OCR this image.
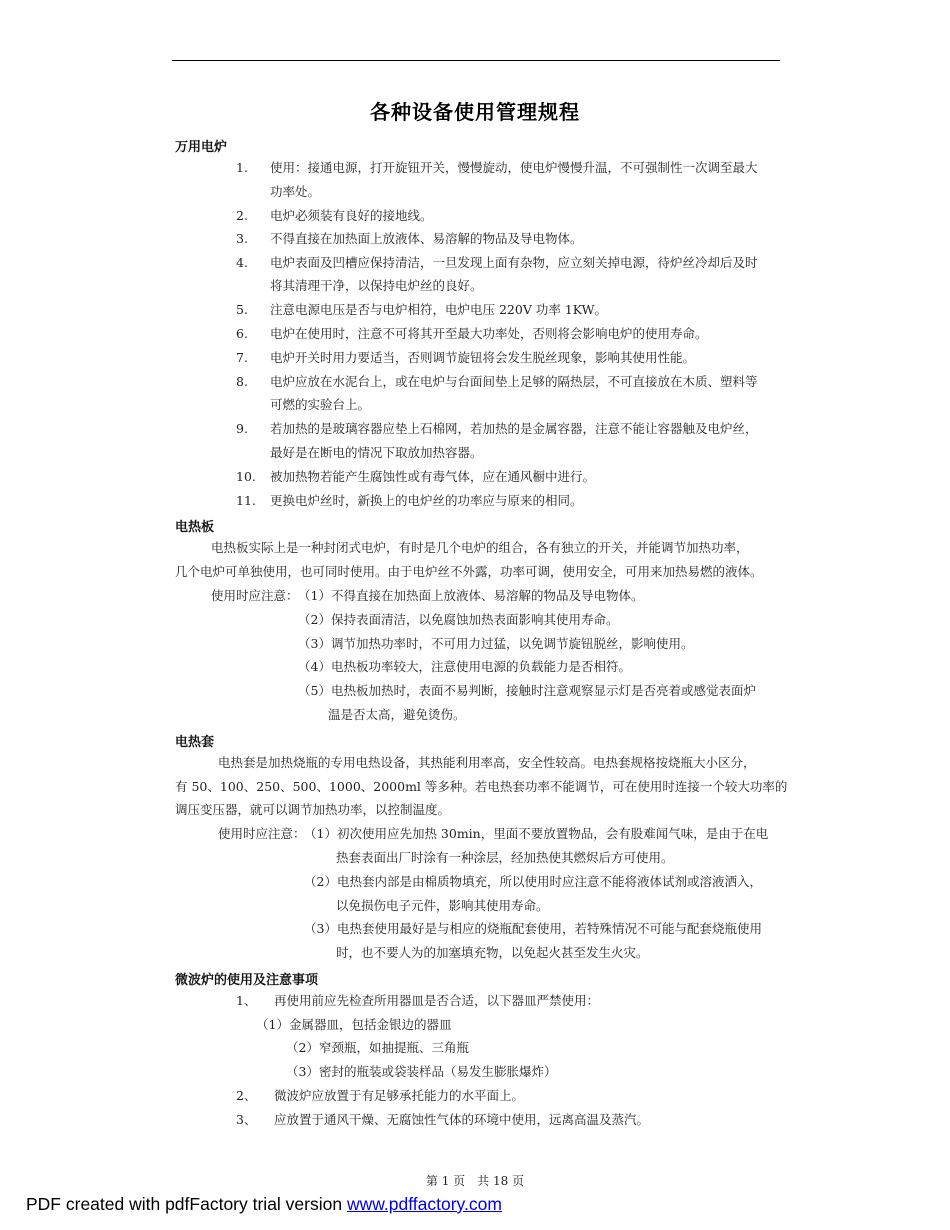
各种设备使用管理规程
万用电炉
1. 使用：接通电源，打开旋钮开关，慢慢旋动，使电炉慢慢升温，不可强制性一次调至最大
功率处。
2. 电炉必须装有良好的接地线。
3. 不得直接在加热面上放液体、易溶解的物品及导电物体。
4. 电炉表面及凹槽应保持清洁，一旦发现上面有杂物，应立刻关掉电源，待炉丝冷却后及时
将其清理干净，以保持电炉丝的良好。
5. 注意电源电压是否与电炉相符，电炉电压 220V 功率 1KW。
6. 电炉在使用时，注意不可将其开至最大功率处，否则将会影响电炉的使用寿命。
7. 电炉开关时用力要适当，否则调节旋钮将会发生脱丝现象，影响其使用性能。
8. 电炉应放在水泥台上，或在电炉与台面间垫上足够的隔热层，不可直接放在木质、塑料等
可燃的实验台上。
9. 若加热的是玻璃容器应垫上石棉网，若加热的是金属容器，注意不能让容器触及电炉丝，
最好是在断电的情况下取放加热容器。
10. 被加热物若能产生腐蚀性或有毒气体，应在通风橱中进行。
11. 更换电炉丝时，新换上的电炉丝的功率应与原来的相同。
电热板
电热板实际上是一种封闭式电炉，有时是几个电炉的组合，各有独立的开关，并能调节加热功率，
几个电炉可单独使用，也可同时使用。由于电炉丝不外露，功率可调，使用安全，可用来加热易燃的液体。
使用时应注意： （1）不得直接在加热面上放液体、易溶解的物品及导电物体。
（2）保持表面清洁，以免腐蚀加热表面影响其使用寿命。
（3）调节加热功率时，不可用力过猛，以免调节旋钮脱丝，影响使用。
（4）电热板功率较大，注意使用电源的负载能力是否相符。
（5）电热板加热时，表面不易判断，接触时注意观察显示灯是否亮着或感觉表面炉
温是否太高，避免烫伤。
电热套
电热套是加热烧瓶的专用电热设备，其热能利用率高，安全性较高。电热套规格按烧瓶大小区分，
有 50、100、250、500、1000、2000ml 等多种。若电热套功率不能调节，可在使用时连接一个较大功率的
调压变压器，就可以调节加热功率，以控制温度。
使用时应注意：
（1）初次使用应先加热 30min，里面不要放置物品，会有股难闻气味，是由于在电
热套表面出厂时涂有一种涂层，经加热使其燃烬后方可使用。
（2）电热套内部是由棉质物填充，所以使用时应注意不能将液体试剂或溶液洒入，
以免损伤电子元件，影响其使用寿命。
（3）电热套使用最好是与相应的烧瓶配套使用，若特殊情况不可能与配套烧瓶使用
时，也不要人为的加塞填充物，以免起火甚至发生火灾。
微波炉的使用及注意事项
1、 再使用前应先检查所用器皿是否合适，以下器皿严禁使用：
（1）金属器皿，包括金银边的器皿
（2）窄颈瓶，如抽提瓶、三角瓶
（3）密封的瓶装或袋装样品（易发生膨胀爆炸）
2、 微波炉应放置于有足够承托能力的水平面上。
3、 应放置于通风干燥、无腐蚀性气体的环境中使用，远离高温及蒸汽。
第 1 页　共 18 页
PDF created with pdfFactory trial version www.pdffactory.com
